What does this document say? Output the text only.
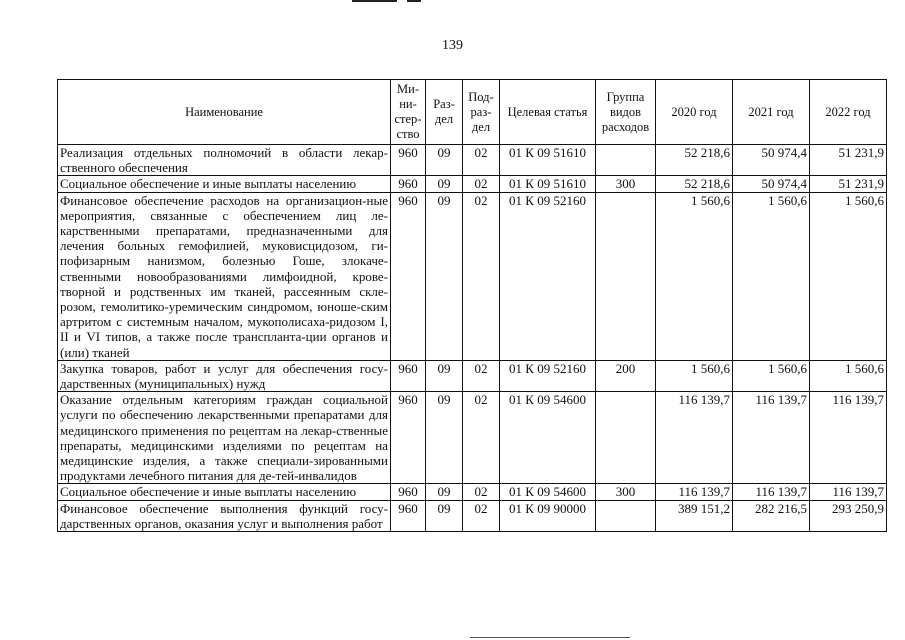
139
Наименование	Ми-ни-стер-ство	Раз-дел	Под-раз-дел	Целевая статья	Группа видов расходов	2020 год	2021 год	2022 год
Реализация отдельных полномочий в области лекар-ственного обеспечения	960	09	02	01 К 09 51610		52 218,6	50 974,4	51 231,9
Социальное обеспечение и иные выплаты населению	960	09	02	01 К 09 51610	300	52 218,6	50 974,4	51 231,9
Финансовое обеспечение расходов на организацион-ные мероприятия, связанные с обеспечением лиц ле-карственными препаратами, предназначенными для лечения больных гемофилией, муковисцидозом, ги-пофизарным нанизмом, болезнью Гоше, злокаче-ственными новообразованиями лимфоидной, крове-творной и родственных им тканей, рассеянным скле-розом, гемолитико-уремическим синдромом, юноше-ским артритом с системным началом, мукополисаха-ридозом I, II и VI типов, а также после транспланта-ции органов и (или) тканей	960	09	02	01 К 09 52160		1 560,6	1 560,6	1 560,6
Закупка товаров, работ и услуг для обеспечения госу-дарственных (муниципальных) нужд	960	09	02	01 К 09 52160	200	1 560,6	1 560,6	1 560,6
Оказание отдельным категориям граждан социальной услуги по обеспечению лекарственными препаратами для медицинского применения по рецептам на лекар-ственные препараты, медицинскими изделиями по рецептам на медицинские изделия, а также специали-зированными продуктами лечебного питания для де-тей-инвалидов	960	09	02	01 К 09 54600		116 139,7	116 139,7	116 139,7
Социальное обеспечение и иные выплаты населению	960	09	02	01 К 09 54600	300	116 139,7	116 139,7	116 139,7
Финансовое обеспечение выполнения функций госу-дарственных органов, оказания услуг и выполнения работ	960	09	02	01 К 09 90000		389 151,2	282 216,5	293 250,9
